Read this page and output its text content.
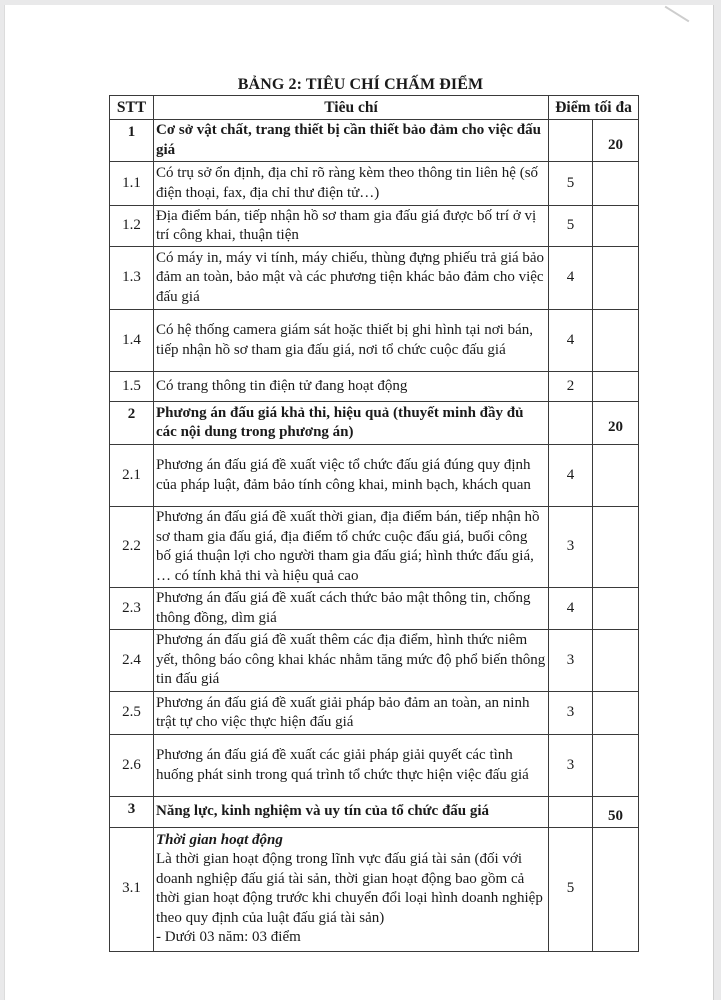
BẢNG 2: TIÊU CHÍ CHẤM ĐIỂM
STT	Tiêu chí	Điểm tối đa	
1	Cơ sở vật chất, trang thiết bị cần thiết bảo đảm cho việc đấu giá		20
1.1	Có trụ sở ổn định, địa chỉ rõ ràng kèm theo thông tin liên hệ (số điện thoại, fax, địa chỉ thư điện tử…)	5	
1.2	Địa điểm bán, tiếp nhận hồ sơ tham gia đấu giá được bố trí ở vị trí công khai, thuận tiện	5	
1.3	Có máy in, máy vi tính, máy chiếu, thùng đựng phiếu trả giá bảo đảm an toàn, bảo mật và các phương tiện khác bảo đảm cho việc đấu giá	4	
1.4	Có hệ thống camera giám sát hoặc thiết bị ghi hình tại nơi bán, tiếp nhận hồ sơ tham gia đấu giá, nơi tổ chức cuộc đấu giá	4	
1.5	Có trang thông tin điện tử đang hoạt động	2	
2	Phương án đấu giá khả thi, hiệu quả (thuyết minh đầy đủ các nội dung trong phương án)		20
2.1	Phương án đấu giá đề xuất việc tổ chức đấu giá đúng quy định của pháp luật, đảm bảo tính công khai, minh bạch, khách quan	4	
2.2	Phương án đấu giá đề xuất thời gian, địa điểm bán, tiếp nhận hồ sơ tham gia đấu giá, địa điểm tổ chức cuộc đấu giá, buổi công bố giá thuận lợi cho người tham gia đấu giá; hình thức đấu giá, … có tính khả thi và hiệu quả cao	3	
2.3	Phương án đấu giá đề xuất cách thức bảo mật thông tin, chống thông đồng, dìm giá	4	
2.4	Phương án đấu giá đề xuất thêm các địa điểm, hình thức niêm yết, thông báo công khai khác nhằm tăng mức độ phổ biến thông tin đấu giá	3	
2.5	Phương án đấu giá đề xuất giải pháp bảo đảm an toàn, an ninh trật tự cho việc thực hiện đấu giá	3	
2.6	Phương án đấu giá đề xuất các giải pháp giải quyết các tình huống phát sinh trong quá trình tổ chức thực hiện việc đấu giá	3	
3	Năng lực, kinh nghiệm và uy tín của tổ chức đấu giá		50
3.1	Thời gian hoạt động
Là thời gian hoạt động trong lĩnh vực đấu giá tài sản (đối với doanh nghiệp đấu giá tài sản, thời gian hoạt động bao gồm cả thời gian hoạt động trước khi chuyển đổi loại hình doanh nghiệp theo quy định của luật đấu giá tài sản)
- Dưới 03 năm: 03 điểm	5	
